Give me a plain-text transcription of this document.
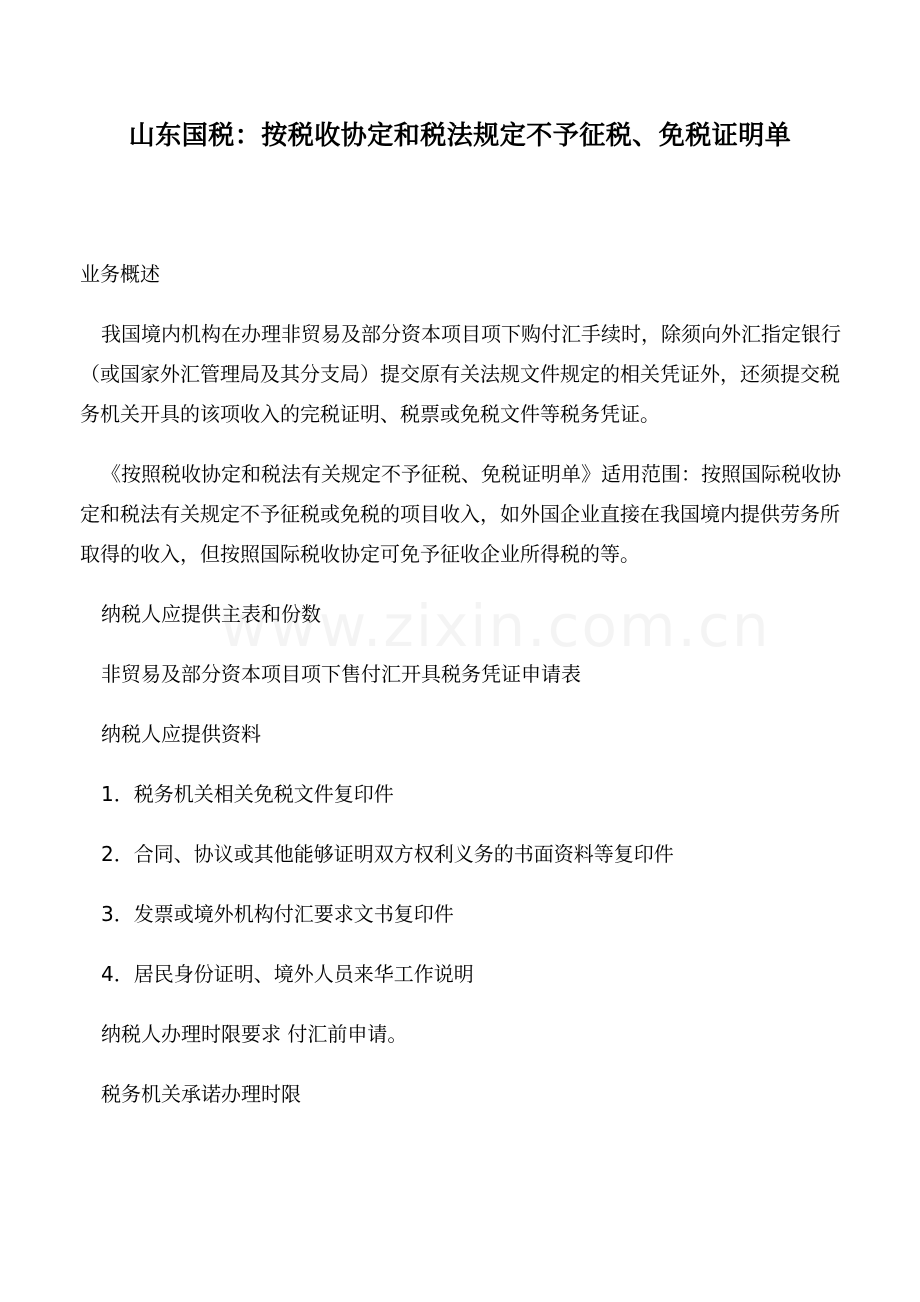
山东国税：按税收协定和税法规定不予征税、免税证明单

业务概述

我国境内机构在办理非贸易及部分资本项目项下购付汇手续时，除须向外汇指定银行（或国家外汇管理局及其分支局）提交原有关法规文件规定的相关凭证外，还须提交税务机关开具的该项收入的完税证明、税票或免税文件等税务凭证。

《按照税收协定和税法有关规定不予征税、免税证明单》适用范围：按照国际税收协定和税法有关规定不予征税或免税的项目收入，如外国企业直接在我国境内提供劳务所取得的收入，但按照国际税收协定可免予征收企业所得税的等。

纳税人应提供主表和份数

非贸易及部分资本项目项下售付汇开具税务凭证申请表

纳税人应提供资料

1．税务机关相关免税文件复印件

2．合同、协议或其他能够证明双方权利义务的书面资料等复印件

3．发票或境外机构付汇要求文书复印件

4．居民身份证明、境外人员来华工作说明

纳税人办理时限要求 付汇前申请。

税务机关承诺办理时限
